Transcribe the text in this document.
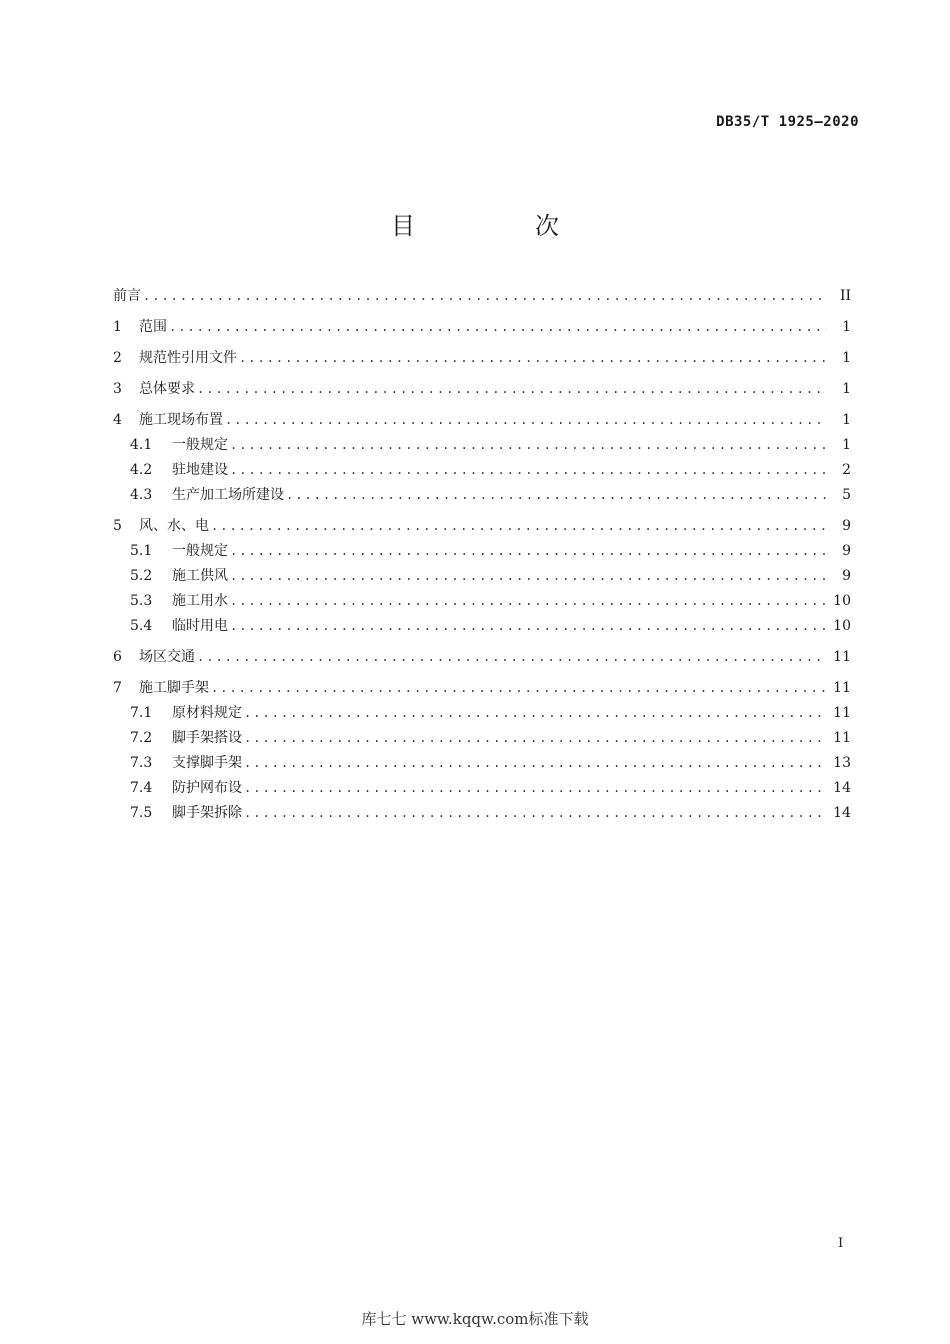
DB35/T 1925—2020
目　次
前言 .....	II
1	范围 .....	1
2	规范性引用文件 .....	1
3	总体要求 .....	1
4	施工现场布置 .....	1
4.1	一般规定 .....	1
4.2	驻地建设 .....	2
4.3	生产加工场所建设 .....	5
5	风、水、电 .....	9
5.1	一般规定 .....	9
5.2	施工供风 .....	9
5.3	施工用水 .....	10
5.4	临时用电 .....	10
6	场区交通 .....	11
7	施工脚手架 .....	11
7.1	原材料规定 .....	11
7.2	脚手架搭设 .....	11
7.3	支撑脚手架 .....	13
7.4	防护网布设 .....	14
7.5	脚手架拆除 .....	14
I
库七七 www.kqqw.com标准下载
